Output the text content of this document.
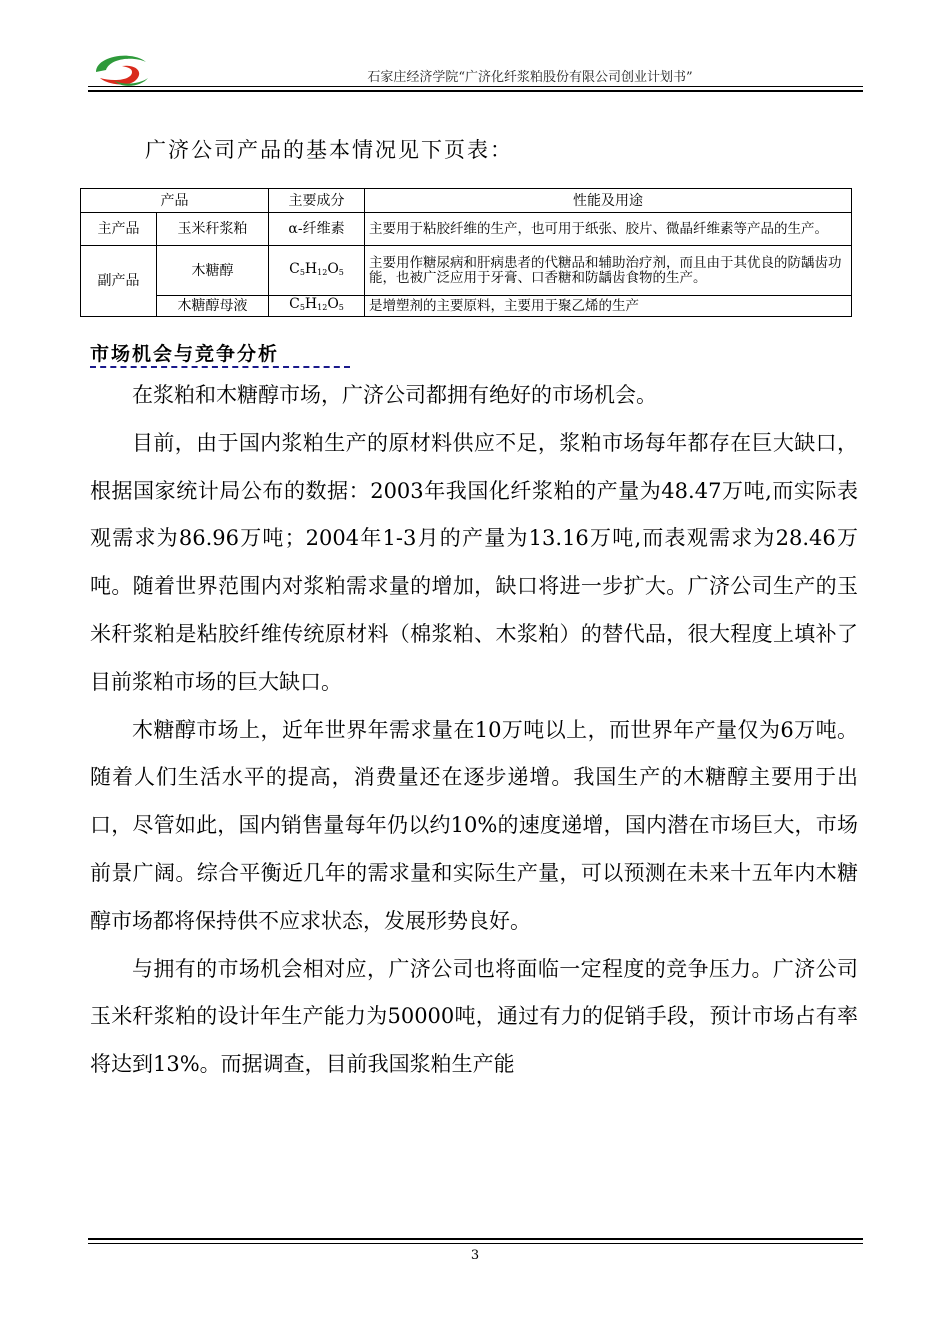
石家庄经济学院“广济化纤浆粕股份有限公司创业计划书”
广济公司产品的基本情况见下页表：
产品		主要成分	性能及用途
主产品	玉米秆浆粕	α-纤维素	主要用于粘胶纤维的生产，也可用于纸张、胶片、微晶纤维素等产品的生产。
副产品	木糖醇	$C_5H_{12}O_5$	主要用作糖尿病和肝病患者的代糖品和辅助治疗剂，而且由于其优良的防龋齿功能，也被广泛应用于牙膏、口香糖和防龋齿食物的生产。
	木糖醇母液	$C_5H_{12}O_5$	是增塑剂的主要原料，主要用于聚乙烯的生产
市场机会与竞争分析

在浆粕和木糖醇市场，广济公司都拥有绝好的市场机会。

目前，由于国内浆粕生产的原材料供应不足，浆粕市场每年都存在巨大缺口，根据国家统计局公布的数据：2003年我国化纤浆粕的产量为48.47万吨,而实际表观需求为86.96万吨；2004年1-3月的产量为13.16万吨,而表观需求为28.46万吨。随着世界范围内对浆粕需求量的增加，缺口将进一步扩大。广济公司生产的玉米秆浆粕是粘胶纤维传统原材料（棉浆粕、木浆粕）的替代品，很大程度上填补了目前浆粕市场的巨大缺口。

木糖醇市场上，近年世界年需求量在10万吨以上，而世界年产量仅为6万吨。随着人们生活水平的提高，消费量还在逐步递增。我国生产的木糖醇主要用于出口，尽管如此，国内销售量每年仍以约10%的速度递增，国内潜在市场巨大，市场前景广阔。综合平衡近几年的需求量和实际生产量，可以预测在未来十五年内木糖醇市场都将保持供不应求状态，发展形势良好。

与拥有的市场机会相对应，广济公司也将面临一定程度的竞争压力。广济公司玉米秆浆粕的设计年生产能力为50000吨，通过有力的促销手段，预计市场占有率将达到13%。而据调查，目前我国浆粕生产能

3
